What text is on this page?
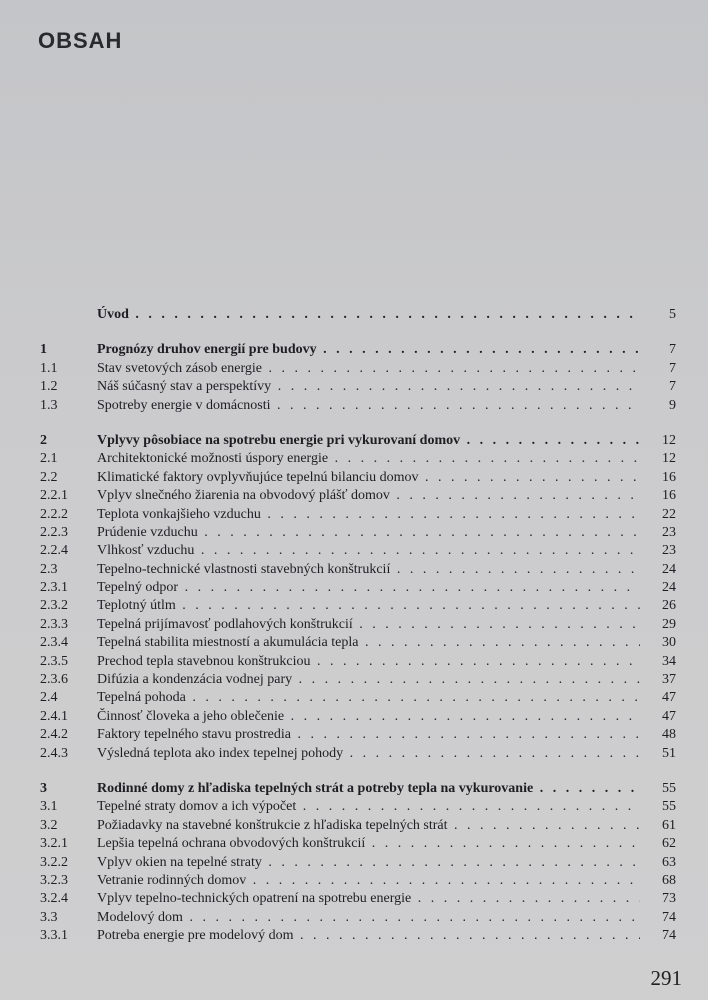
OBSAH
Úvod . . .	5
1	Prognózy druhov energií pre budovy . . .	7
1.1	Stav svetových zásob energie . . .	7
1.2	Náš súčasný stav a perspektívy . . .	7
1.3	Spotreby energie v domácnosti . . .	9
2	Vplyvy pôsobiace na spotrebu energie pri vykurovaní domov . . .	12
2.1	Architektonické možnosti úspory energie . . .	12
2.2	Klimatické faktory ovplyvňujúce tepelnú bilanciu domov . . .	16
2.2.1	Vplyv slnečného žiarenia na obvodový plášť domov . . .	16
2.2.2	Teplota vonkajšieho vzduchu . . .	22
2.2.3	Prúdenie vzduchu . . .	23
2.2.4	Vlhkosť vzduchu . . .	23
2.3	Tepelno-technické vlastnosti stavebných konštrukcií . . .	24
2.3.1	Tepelný odpor . . .	24
2.3.2	Teplotný útlm . . .	26
2.3.3	Tepelná prijímavosť podlahových konštrukcií . . .	29
2.3.4	Tepelná stabilita miestností a akumulácia tepla . . .	30
2.3.5	Prechod tepla stavebnou konštrukciou . . .	34
2.3.6	Difúzia a kondenzácia vodnej pary . . .	37
2.4	Tepelná pohoda . . .	47
2.4.1	Činnosť človeka a jeho oblečenie . . .	47
2.4.2	Faktory tepelného stavu prostredia . . .	48
2.4.3	Výsledná teplota ako index tepelnej pohody . . .	51
3	Rodinné domy z hľadiska tepelných strát a potreby tepla na vykurovanie . . .	55
3.1	Tepelné straty domov a ich výpočet . . .	55
3.2	Požiadavky na stavebné konštrukcie z hľadiska tepelných strát . . .	61
3.2.1	Lepšia tepelná ochrana obvodových konštrukcií . . .	62
3.2.2	Vplyv okien na tepelné straty . . .	63
3.2.3	Vetranie rodinných domov . . .	68
3.2.4	Vplyv tepelno-technických opatrení na spotrebu energie . . .	73
3.3	Modelový dom . . .	74
3.3.1	Potreba energie pre modelový dom . . .	74
291
